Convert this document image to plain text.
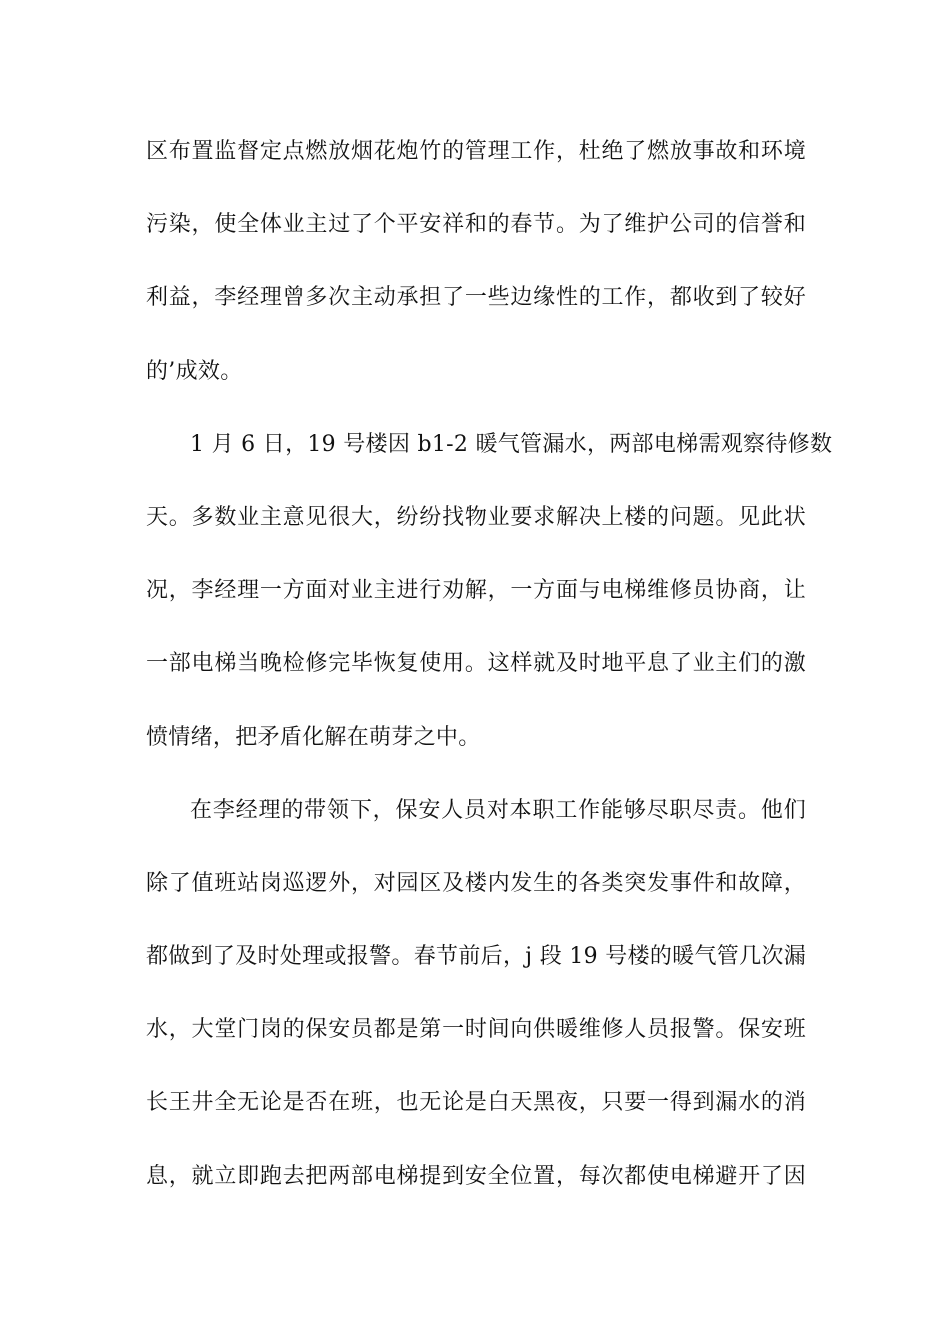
区布置监督定点燃放烟花炮竹的管理工作，杜绝了燃放事故和环境
污染，使全体业主过了个平安祥和的春节。为了维护公司的信誉和
利益，李经理曾多次主动承担了一些边缘性的工作，都收到了较好
的’成效。
1 月 6 日，19 号楼因 b1-2 暖气管漏水，两部电梯需观察待修数
天。多数业主意见很大，纷纷找物业要求解决上楼的问题。见此状
况，李经理一方面对业主进行劝解，一方面与电梯维修员协商，让
一部电梯当晚检修完毕恢复使用。这样就及时地平息了业主们的激
愤情绪，把矛盾化解在萌芽之中。
在李经理的带领下，保安人员对本职工作能够尽职尽责。他们
除了值班站岗巡逻外，对园区及楼内发生的各类突发事件和故障，
都做到了及时处理或报警。春节前后，j 段 19 号楼的暖气管几次漏
水，大堂门岗的保安员都是第一时间向供暖维修人员报警。保安班
长王井全无论是否在班，也无论是白天黑夜，只要一得到漏水的消
息，就立即跑去把两部电梯提到安全位置，每次都使电梯避开了因
